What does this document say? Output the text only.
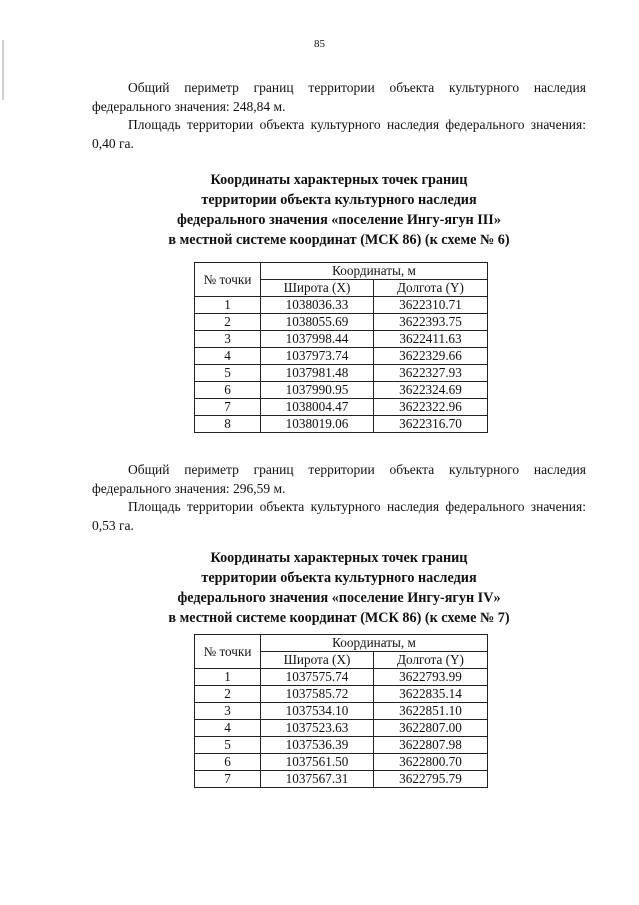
85

Общий периметр границ территории объекта культурного наследия федерального значения: 248,84 м.

Площадь территории объекта культурного наследия федерального значения: 0,40 га.

Координаты характерных точек границ
территории объекта культурного наследия
федерального значения «поселение Ингу-ягун III»
в местной системе координат (МСК 86) (к схеме № 6)
№ точки	Координаты, м	
	Широта (X)	Долгота (Y)
1	1038036.33	3622310.71
2	1038055.69	3622393.75
3	1037998.44	3622411.63
4	1037973.74	3622329.66
5	1037981.48	3622327.93
6	1037990.95	3622324.69
7	1038004.47	3622322.96
8	1038019.06	3622316.70

Общий периметр границ территории объекта культурного наследия федерального значения: 296,59 м.

Площадь территории объекта культурного наследия федерального значения: 0,53 га.

Координаты характерных точек границ
территории объекта культурного наследия
федерального значения «поселение Ингу-ягун IV»
в местной системе координат (МСК 86) (к схеме № 7)
№ точки	Координаты, м	
	Широта (X)	Долгота (Y)
1	1037575.74	3622793.99
2	1037585.72	3622835.14
3	1037534.10	3622851.10
4	1037523.63	3622807.00
5	1037536.39	3622807.98
6	1037561.50	3622800.70
7	1037567.31	3622795.79
